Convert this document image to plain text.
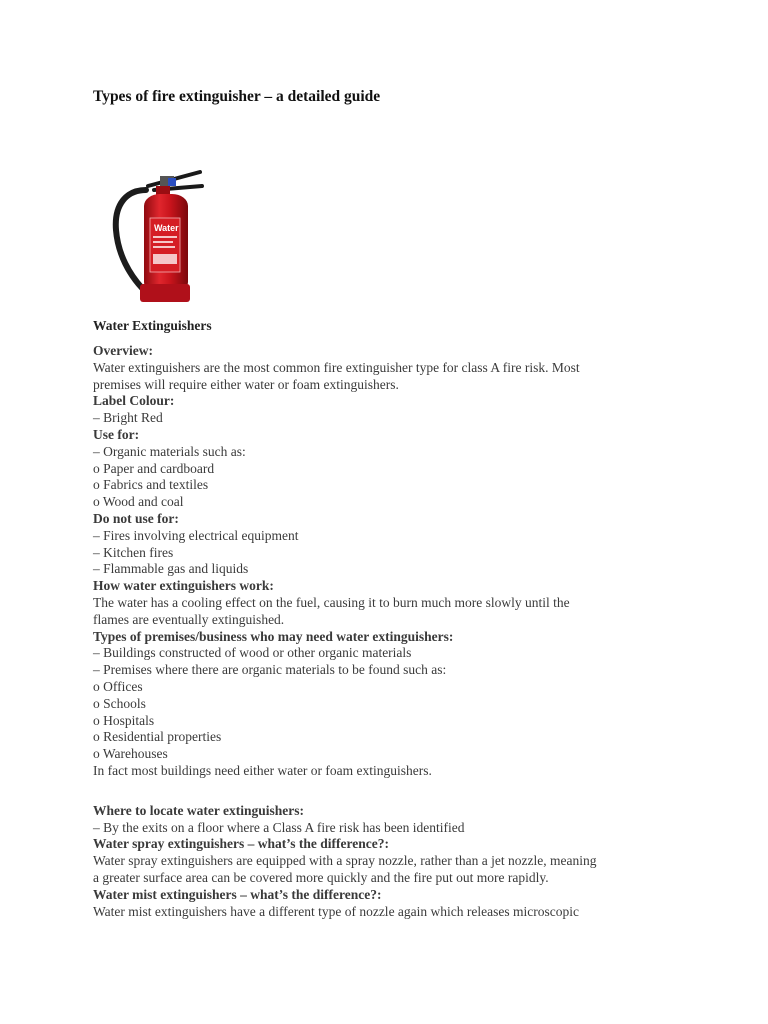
Types of fire extinguisher – a detailed guide
Water
Water Extinguishers
Overview:
Water extinguishers are the most common fire extinguisher type for class A fire risk. Most
premises will require either water or foam extinguishers.
Label Colour:
– Bright Red
Use for:
– Organic materials such as:
o Paper and cardboard
o Fabrics and textiles
o Wood and coal
Do not use for:
– Fires involving electrical equipment
– Kitchen fires
– Flammable gas and liquids
How water extinguishers work:
The water has a cooling effect on the fuel, causing it to burn much more slowly until the
flames are eventually extinguished.
Types of premises/business who may need water extinguishers:
– Buildings constructed of wood or other organic materials
– Premises where there are organic materials to be found such as:
o Offices
o Schools
o Hospitals
o Residential properties
o Warehouses
In fact most buildings need either water or foam extinguishers.
Where to locate water extinguishers:
– By the exits on a floor where a Class A fire risk has been identified
Water spray extinguishers – what’s the difference?:
Water spray extinguishers are equipped with a spray nozzle, rather than a jet nozzle, meaning
a greater surface area can be covered more quickly and the fire put out more rapidly.
Water mist extinguishers – what’s the difference?:
Water mist extinguishers have a different type of nozzle again which releases microscopic
